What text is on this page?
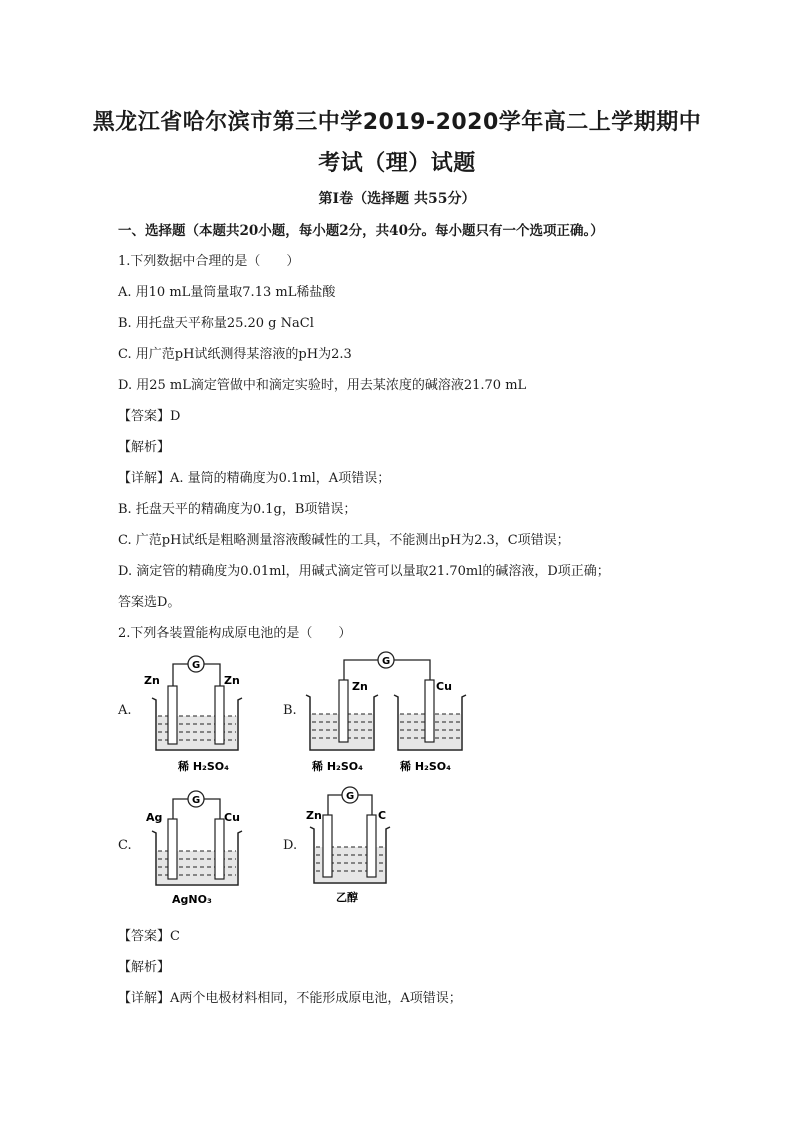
黑龙江省哈尔滨市第三中学2019-2020学年高二上学期期中
考试（理）试题
第Ⅰ卷（选择题 共55分）
一、选择题（本题共20小题，每小题2分，共40分。每小题只有一个选项正确。）
1.下列数据中合理的是（　　）
A. 用10 mL量筒量取7.13 mL稀盐酸
B. 用托盘天平称量25.20 g NaCl
C. 用广范pH试纸测得某溶液的pH为2.3
D. 用25 mL滴定管做中和滴定实验时，用去某浓度的碱溶液21.70 mL
【答案】D
【解析】
【详解】A. 量筒的精确度为0.1ml，A项错误；
B. 托盘天平的精确度为0.1g，B项错误；
C. 广范pH试纸是粗略测量溶液酸碱性的工具，不能测出pH为2.3，C项错误；
D. 滴定管的精确度为0.01ml，用碱式滴定管可以量取21.70ml的碱溶液，D项正确；
答案选D。
2.下列各装置能构成原电池的是（　　）
A.
G
Zn	Zn
稀 H₂SO₄
B.
G
Zn	Cu
稀 H₂SO₄	稀 H₂SO₄
C.
G
Ag	Cu
AgNO₃
D.
G
Zn	C
乙醇
【答案】C
【解析】
【详解】A两个电极材料相同，不能形成原电池，A项错误；
